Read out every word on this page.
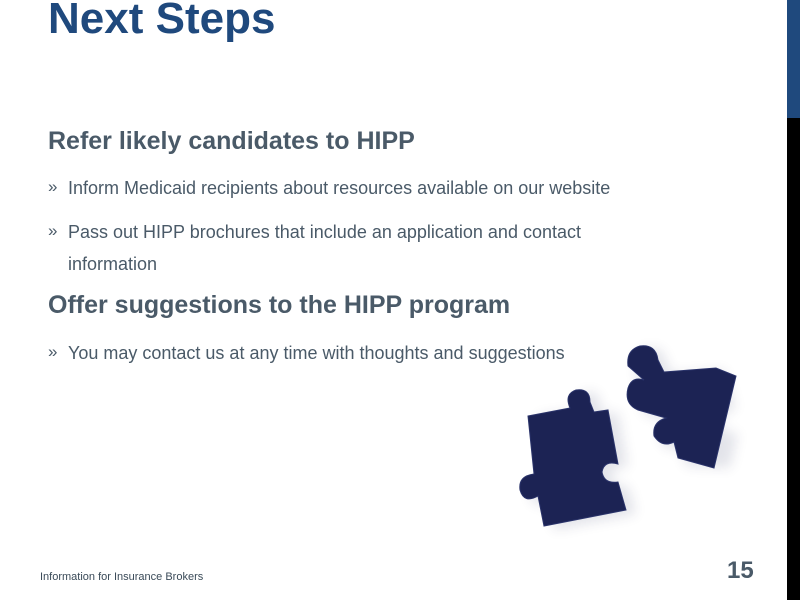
Next Steps
Refer likely candidates to HIPP
» Inform Medicaid recipients about resources available on our website
» Pass out HIPP brochures that include an application and contact information
Offer suggestions to the HIPP program
» You may contact us at any time with thoughts and suggestions
Information for Insurance Brokers	15
